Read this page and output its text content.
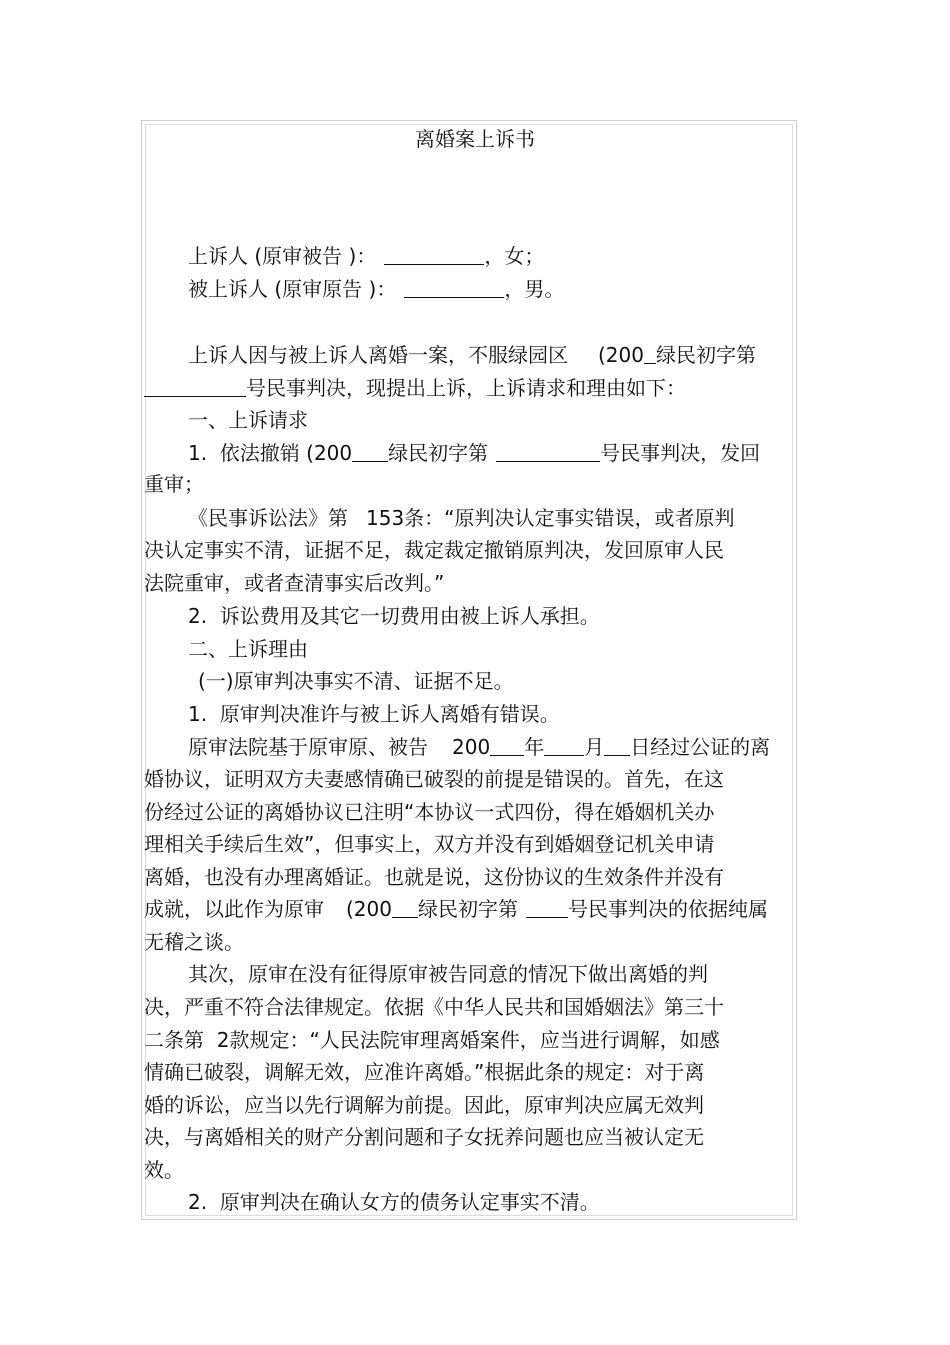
离婚案上诉书
上诉人 (原审被告 )：	，女；
被上诉人 (原审原告 )：	，男。
上诉人因与被上诉人离婚一案，不服绿园区 (200 绿民初字第
号民事判决，现提出上诉，上诉请求和理由如下：
一、上诉请求
1.  依法撤销 (200 绿民初字第	号民事判决，发回
重审；
《民事诉讼法》第 153条：“原判决认定事实错误，或者原判
决认定事实不清，证据不足，裁定裁定撤销原判决，发回原审人民
法院重审，或者查清事实后改判。”
2.  诉讼费用及其它一切费用由被上诉人承担。
二、上诉理由
(一)原审判决事实不清、证据不足。
1.  原审判决准许与被上诉人离婚有错误。
原审法院基于原审原、被告 200 年 月 日经过公证的离
婚协议，证明双方夫妻感情确已破裂的前提是错误的。首先，在这
份经过公证的离婚协议已注明“本协议一式四份，得在婚姻机关办
理相关手续后生效”，但事实上，双方并没有到婚姻登记机关申请
离婚，也没有办理离婚证。也就是说，这份协议的生效条件并没有
成就，以此作为原审 (200 绿民初字第	号民事判决的依据纯属
无稽之谈。
其次，原审在没有征得原审被告同意的情况下做出离婚的判
决，严重不符合法律规定。依据《中华人民共和国婚姻法》第三十
二条第  2款规定：“人民法院审理离婚案件，应当进行调解，如感
情确已破裂，调解无效，应准许离婚。”根据此条的规定：对于离
婚的诉讼，应当以先行调解为前提。因此，原审判决应属无效判
决，与离婚相关的财产分割问题和子女抚养问题也应当被认定无
效。
2.  原审判决在确认女方的债务认定事实不清。
